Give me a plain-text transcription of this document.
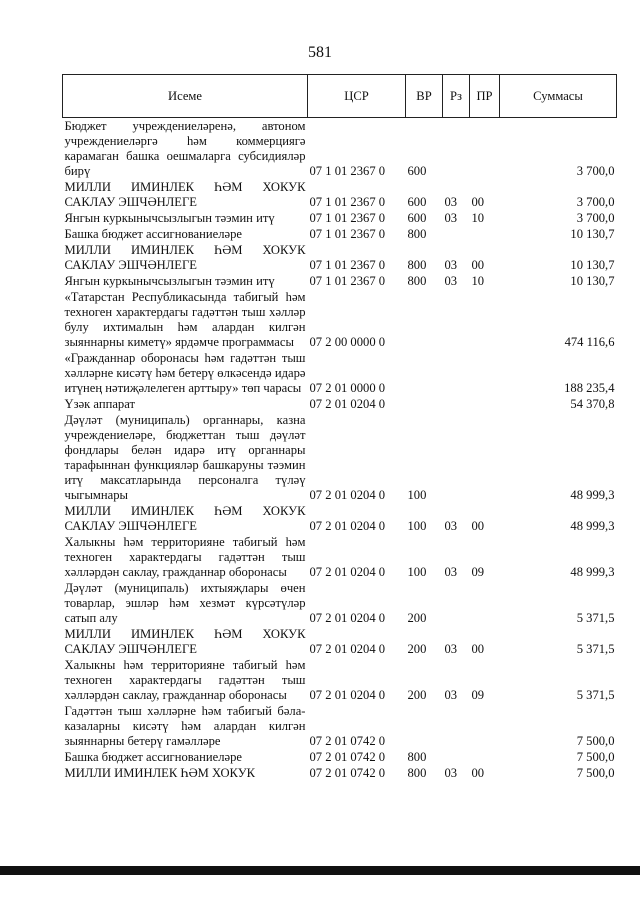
581
Исеме	ЦСР	ВР	Рз	ПР	Суммасы
Бюджет учреждениеләренә, автоном учреждениеләргә һәм коммерциягә карамаган башка оешмаларга субсидияләр бирү	07 1 01 2367 0	600			3 700,0
МИЛЛИ ИМИНЛЕК ҺӘМ ХОКУК САКЛАУ ЭШЧӘНЛЕГЕ	07 1 01 2367 0	600	03	00	3 700,0
Янгын куркынычсызлыгын тәэмин итү	07 1 01 2367 0	600	03	10	3 700,0
Башка бюджет ассигнованиеләре	07 1 01 2367 0	800			10 130,7
МИЛЛИ ИМИНЛЕК ҺӘМ ХОКУК САКЛАУ ЭШЧӘНЛЕГЕ	07 1 01 2367 0	800	03	00	10 130,7
Янгын куркынычсызлыгын тәэмин итү	07 1 01 2367 0	800	03	10	10 130,7
«Татарстан Республикасында табигый һәм техноген характердагы гадәттән тыш хәлләр булу ихтималын һәм алардан килгән зыяннарны киметү» ярдәмче программасы	07 2 00 0000 0				474 116,6
«Гражданнар оборонасы һәм гадәттән тыш хәлләрне кисәтү һәм бетерү өлкәсендә идарә итүнең нәтиҗәлелеген арттыру» төп чарасы	07 2 01 0000 0				188 235,4
Үзәк аппарат	07 2 01 0204 0				54 370,8
Дәүләт (муниципаль) органнары, казна учреждениеләре, бюджеттан тыш дәүләт фондлары белән идарә итү органнары тарафыннан функцияләр башкаруны тәэмин итү максатларында персоналга түләү чыгымнары	07 2 01 0204 0	100			48 999,3
МИЛЛИ ИМИНЛЕК ҺӘМ ХОКУК САКЛАУ ЭШЧӘНЛЕГЕ	07 2 01 0204 0	100	03	00	48 999,3
Халыкны һәм территорияне табигый һәм техноген характердагы гадәттән тыш хәлләрдән саклау, гражданнар оборонасы	07 2 01 0204 0	100	03	09	48 999,3
Дәүләт (муниципаль) ихтыяҗлары өчен товарлар, эшләр һәм хезмәт күрсәтүләр сатып алу	07 2 01 0204 0	200			5 371,5
МИЛЛИ ИМИНЛЕК ҺӘМ ХОКУК САКЛАУ ЭШЧӘНЛЕГЕ	07 2 01 0204 0	200	03	00	5 371,5
Халыкны һәм территорияне табигый һәм техноген характердагы гадәттән тыш хәлләрдән саклау, гражданнар оборонасы	07 2 01 0204 0	200	03	09	5 371,5
Гадәттән тыш хәлләрне һәм табигый бәла-казаларны кисәтү һәм алардан килгән зыяннарны бетерү гамәлләре	07 2 01 0742 0				7 500,0
Башка бюджет ассигнованиеләре	07 2 01 0742 0	800			7 500,0
МИЛЛИ ИМИНЛЕК ҺӘМ ХОКУК	07 2 01 0742 0	800	03	00	7 500,0
